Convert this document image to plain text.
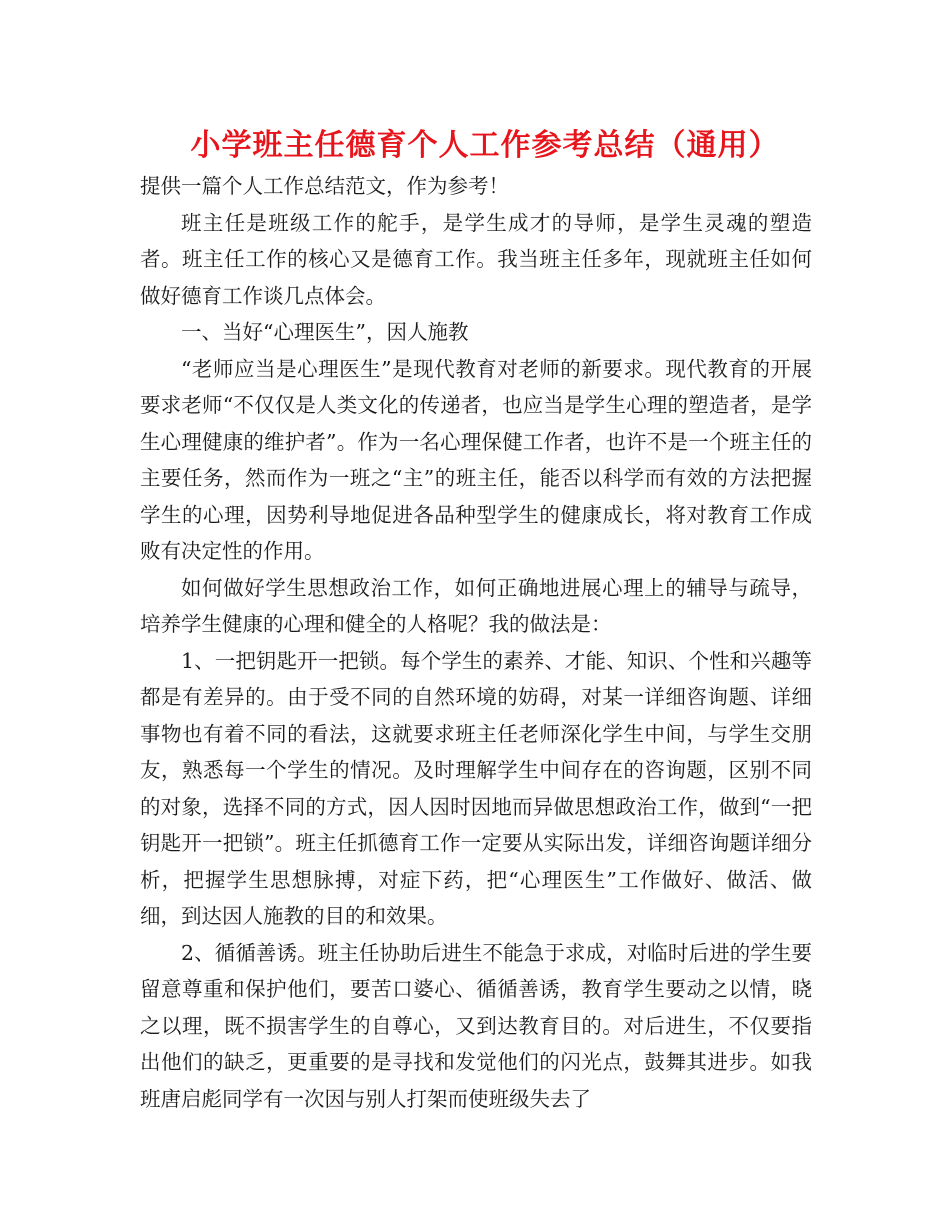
小学班主任德育个人工作参考总结（通用）

提供一篇个人工作总结范文，作为参考！

班主任是班级工作的舵手，是学生成才的导师，是学生灵魂的塑造者。班主任工作的核心又是德育工作。我当班主任多年，现就班主任如何做好德育工作谈几点体会。

一、当好“心理医生”，因人施教

“老师应当是心理医生”是现代教育对老师的新要求。现代教育的开展要求老师“不仅仅是人类文化的传递者，也应当是学生心理的塑造者，是学生心理健康的维护者”。作为一名心理保健工作者，也许不是一个班主任的主要任务，然而作为一班之“主”的班主任，能否以科学而有效的方法把握学生的心理，因势利导地促进各品种型学生的健康成长，将对教育工作成败有决定性的作用。

如何做好学生思想政治工作，如何正确地进展心理上的辅导与疏导，培养学生健康的心理和健全的人格呢？我的做法是：

1、一把钥匙开一把锁。每个学生的素养、才能、知识、个性和兴趣等都是有差异的。由于受不同的自然环境的妨碍，对某一详细咨询题、详细事物也有着不同的看法，这就要求班主任老师深化学生中间，与学生交朋友，熟悉每一个学生的情况。及时理解学生中间存在的咨询题，区别不同的对象，选择不同的方式，因人因时因地而异做思想政治工作，做到“一把钥匙开一把锁”。班主任抓德育工作一定要从实际出发，详细咨询题详细分析，把握学生思想脉搏，对症下药，把“心理医生”工作做好、做活、做细，到达因人施教的目的和效果。

2、循循善诱。班主任协助后进生不能急于求成，对临时后进的学生要留意尊重和保护他们，要苦口婆心、循循善诱，教育学生要动之以情，晓之以理，既不损害学生的自尊心，又到达教育目的。对后进生，不仅要指出他们的缺乏，更重要的是寻找和发觉他们的闪光点，鼓舞其进步。如我班唐启彪同学有一次因与别人打架而使班级失去了
